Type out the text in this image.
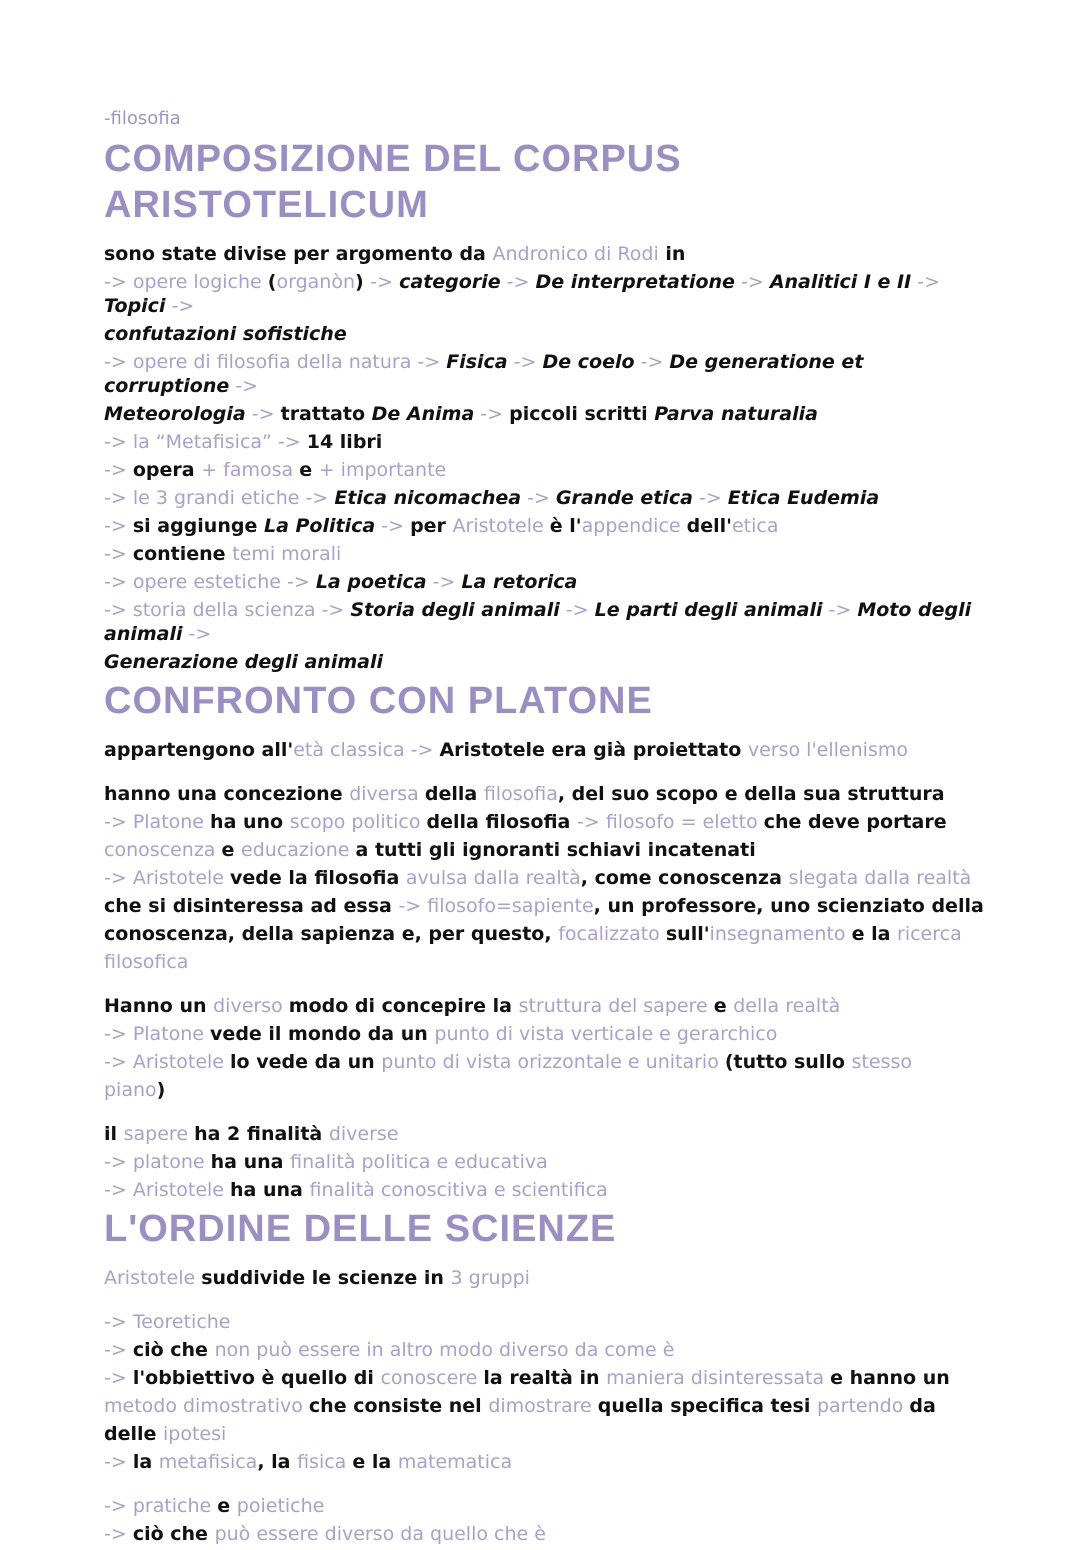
-filosofia

COMPOSIZIONE DEL CORPUS ARISTOTELICUM

sono state divise per argomento da Andronico di Rodi in

-> opere logiche (organòn) -> categorie -> De interpretatione -> Analitici I e II -> Topici ->

confutazioni sofistiche

-> opere di filosofia della natura -> Fisica -> De coelo -> De generatione et corruptione ->

Meteorologia -> trattato De Anima -> piccoli scritti Parva naturalia

-> la “Metafisica” -> 14 libri

-> opera + famosa e + importante

-> le 3 grandi etiche -> Etica nicomachea -> Grande etica -> Etica Eudemia

-> si aggiunge La Politica -> per Aristotele è l'appendice dell'etica

-> contiene temi morali

-> opere estetiche -> La poetica -> La retorica

-> storia della scienza -> Storia degli animali -> Le parti degli animali -> Moto degli animali ->

Generazione degli animali

CONFRONTO CON PLATONE

appartengono all'età classica -> Aristotele era già proiettato verso l'ellenismo

hanno una concezione diversa della filosofia, del suo scopo e della sua struttura

-> Platone ha uno scopo politico della filosofia -> filosofo = eletto che deve portare

conoscenza e educazione a tutti gli ignoranti schiavi incatenati

-> Aristotele vede la filosofia avulsa dalla realtà, come conoscenza slegata dalla realtà

che si disinteressa ad essa -> filosofo=sapiente, un professore, uno scienziato della

conoscenza, della sapienza e, per questo, focalizzato sull'insegnamento e la ricerca

filosofica

Hanno un diverso modo di concepire la struttura del sapere e della realtà

-> Platone vede il mondo da un punto di vista verticale e gerarchico

-> Aristotele lo vede da un punto di vista orizzontale e unitario (tutto sullo stesso

piano)

il sapere ha 2 finalità diverse

-> platone ha una finalità politica e educativa

-> Aristotele ha una finalità conoscitiva e scientifica

L'ORDINE DELLE SCIENZE

Aristotele suddivide le scienze in 3 gruppi

-> Teoretiche

-> ciò che non può essere in altro modo diverso da come è

-> l'obbiettivo è quello di conoscere la realtà in maniera disinteressata e hanno un

metodo dimostrativo che consiste nel dimostrare quella specifica tesi partendo da

delle ipotesi

-> la metafisica, la fisica e la matematica

-> pratiche e poietiche

-> ciò che può essere diverso da quello che è
